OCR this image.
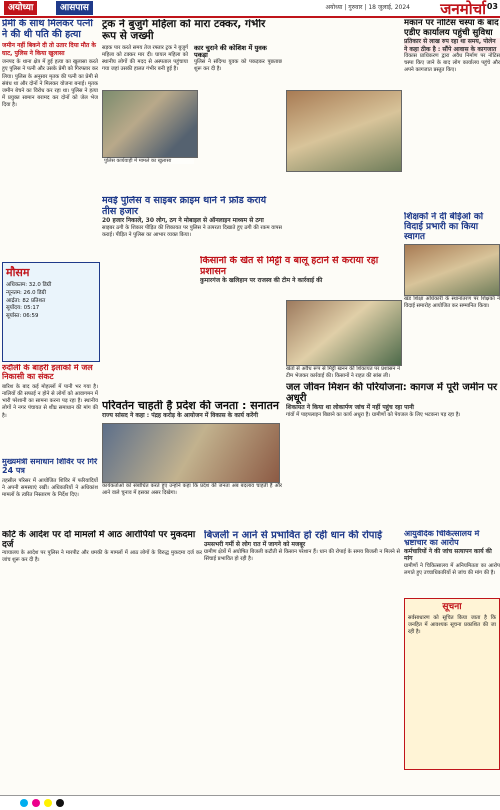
अयोध्या	आसपास	अयोध्या | गुरुवार | 18 जुलाई, 2024 जनमोर्चा 03
प्रेमी के साथ मिलकर पत्नी ने की थी पति की हत्या
जमीन नहीं बिकने दी तो उतार दिया मौत के घाट, पुलिस ने किया खुलासा
जनपद के थाना क्षेत्र में हुई हत्या का खुलासा करते हुए पुलिस ने पत्नी और उसके प्रेमी को गिरफ्तार कर लिया। पुलिस के अनुसार मृतक की पत्नी का प्रेमी से संबंध था और दोनों ने मिलकर योजना बनाई। मृतक जमीन बेचने का विरोध कर रहा था। पुलिस ने हत्या में प्रयुक्त सामान बरामद कर दोनों को जेल भेज दिया है।
मौसम
अधिकतम: 32.0 डिग्री
न्यूनतम: 26.0 डिग्री
आर्द्रता: 82 प्रतिशत
सूर्योदय: 05:17
सूर्यास्त: 06:59
रुदौली के बाहरी इलाकों में जल निकासी का संकट
बारिश के बाद कई मोहल्लों में पानी भर गया है। नालियों की सफाई न होने से लोगों को आवागमन में भारी परेशानी का सामना करना पड़ रहा है। स्थानीय लोगों ने नगर पंचायत से शीघ्र समाधान की मांग की है।
मुख्यमंत्री समाधान शिविर पर गिरे 24 पत्र
तहसील परिसर में आयोजित शिविर में फरियादियों ने अपनी समस्याएं रखीं। अधिकारियों ने अधिकांश मामलों के त्वरित निस्तारण के निर्देश दिए।
ट्रक ने बुजुर्ग महिला को मारा टक्कर, गंभीर रूप से जख्मी
सड़क पार करते समय तेज रफ्तार ट्रक ने बुजुर्ग महिला को टक्कर मार दी। घायल महिला को स्थानीय लोगों की मदद से अस्पताल पहुंचाया गया जहां उसकी हालत गंभीर बनी हुई है।
कार चुराने की कोशिश में युवक पकड़ा
पुलिस ने संदिग्ध युवक को पकड़कर पूछताछ शुरू कर दी है।
पुलिस कार्यवाही में मामले का खुलासा
मवई पुलिस व साइबर क्राइम थाने ने फ्रॉड कराये तीस हजार
20 हजार निकाले, 30 लोग, ठग ने मोबाइल से ऑनलाइन माध्यम से ठगा
साइबर ठगी के शिकार पीड़ित की शिकायत पर पुलिस ने तत्परता दिखाते हुए ठगी की रकम वापस कराई। पीड़ित ने पुलिस का आभार व्यक्त किया।
परिवर्तन चाहती है प्रदेश की जनता : सनातन
राज्य सांसद ने कहा : पंद्रह करोड़ के आयोजन में विकास के कार्य करेंगी
कार्यकर्ताओं को संबोधित करते हुए उन्होंने कहा कि प्रदेश की जनता अब बदलाव चाहती है और आने वाले चुनाव में इसका असर दिखेगा।
किसानों के खेत से मिट्टी व बालू हटाने से कराया रहा प्रशासन
कुमारगंज के खलिहान पर राजस्व की टीम ने कार्रवाई की
खेतों से अवैध रूप से मिट्टी खनन की शिकायत पर प्रशासन ने टीम भेजकर कार्रवाई की। किसानों ने राहत की सांस ली।
मकान पर नोटिस चस्पा के बाद एडीए कार्यालय पहुंची सुविधा
प्रतिकार से लाख रुप रहा था समय, पोलेन ने कहा ठीक है : सौंपे आवास के कागजात
विकास प्राधिकरण द्वारा अवैध निर्माण पर नोटिस चस्पा किए जाने के बाद लोग कार्यालय पहुंचे और अपने कागजात प्रस्तुत किए।
शिक्षकों ने दी बीईओ को विदाई प्रभारी का किया स्वागत
खंड शिक्षा अधिकारी के स्थानांतरण पर शिक्षकों ने विदाई समारोह आयोजित कर सम्मानित किया।
जल जीवन मिशन की परियोजना: कागज में पूरी जमीन पर अधूरी
शिकायत ने किया था लोकार्पण जांच में नहीं पहुंच रहा पानी
गांवों में पाइपलाइन बिछाने का कार्य अधूरा है। ग्रामीणों को पेयजल के लिए भटकना पड़ रहा है।
कोर्ट के आदेश पर दो मामलों में आठ आरोपियों पर मुकदमा दर्ज
न्यायालय के आदेश पर पुलिस ने मारपीट और धमकी के मामलों में आठ लोगों के विरुद्ध मुकदमा दर्ज कर जांच शुरू कर दी है।
बिजली न आने से प्रभावित हो रही धान की रोपाई
उमसभरी गर्मी से लोग रात में जागने को मजबूर
ग्रामीण क्षेत्रों में अघोषित बिजली कटौती से किसान परेशान हैं। धान की रोपाई के समय बिजली न मिलने से सिंचाई प्रभावित हो रही है।
आयुर्वेदिक चिकित्सालय में भ्रष्टाचार का आरोप
कर्मचारियों ने की जांच सत्यापन कार्य की मांग
ग्रामीणों ने चिकित्सालय में अनियमितता का आरोप लगाते हुए उच्चाधिकारियों से जांच की मांग की है।
सूचना
सर्वसाधारण को सूचित किया जाता है कि जनहित में आवश्यक सूचना प्रकाशित की जा रही है।
